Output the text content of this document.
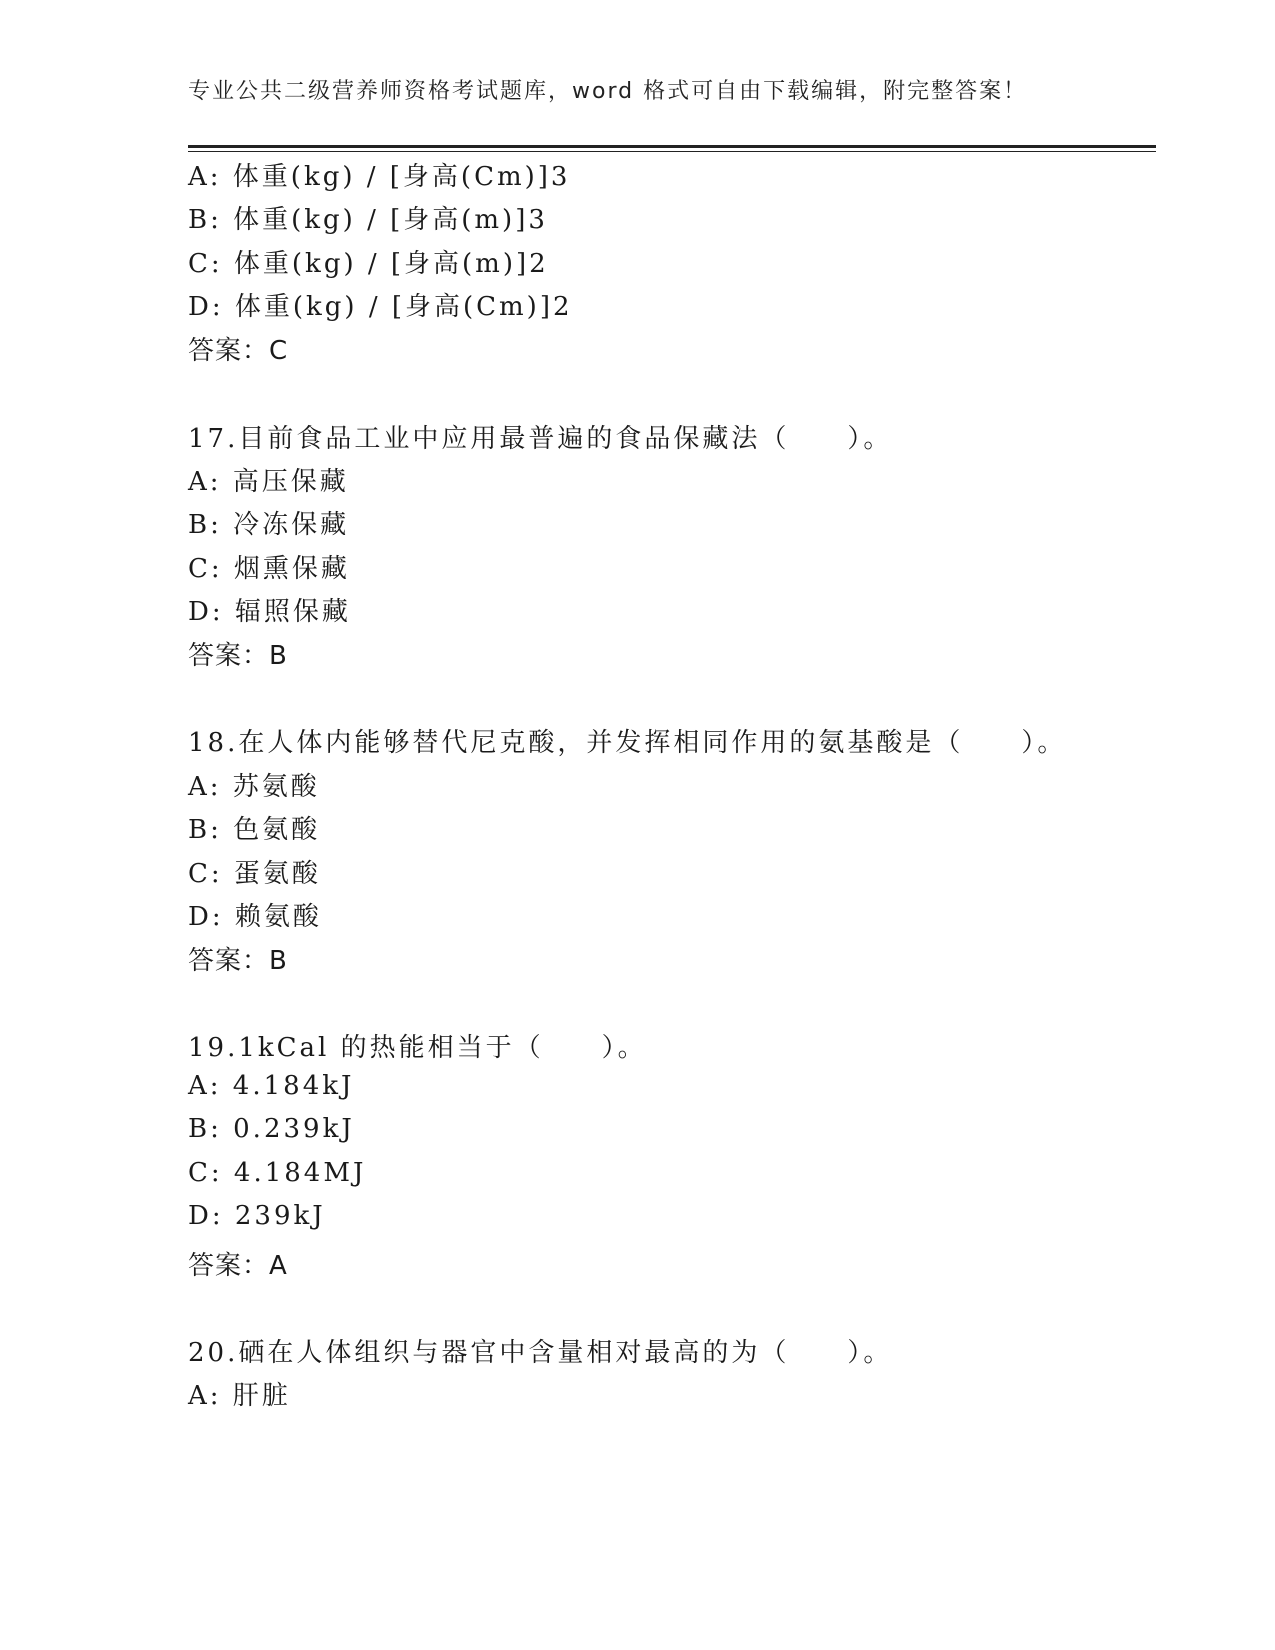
专业公共二级营养师资格考试题库，word 格式可自由下载编辑，附完整答案！
A: 体重(kg) / [身高(Cm)]3
B: 体重(kg) / [身高(m)]3
C: 体重(kg) / [身高(m)]2
D: 体重(kg) / [身高(Cm)]2
答案：C
17.目前食品工业中应用最普遍的食品保藏法（　　）。
A: 高压保藏
B: 冷冻保藏
C: 烟熏保藏
D: 辐照保藏
答案：B
18.在人体内能够替代尼克酸，并发挥相同作用的氨基酸是（　　）。
A: 苏氨酸
B: 色氨酸
C: 蛋氨酸
D: 赖氨酸
答案：B
19.1kCal 的热能相当于（　　）。
A: 4.184kJ
B: 0.239kJ
C: 4.184MJ
D: 239kJ
答案：A
20.硒在人体组织与器官中含量相对最高的为（　　）。
A: 肝脏
